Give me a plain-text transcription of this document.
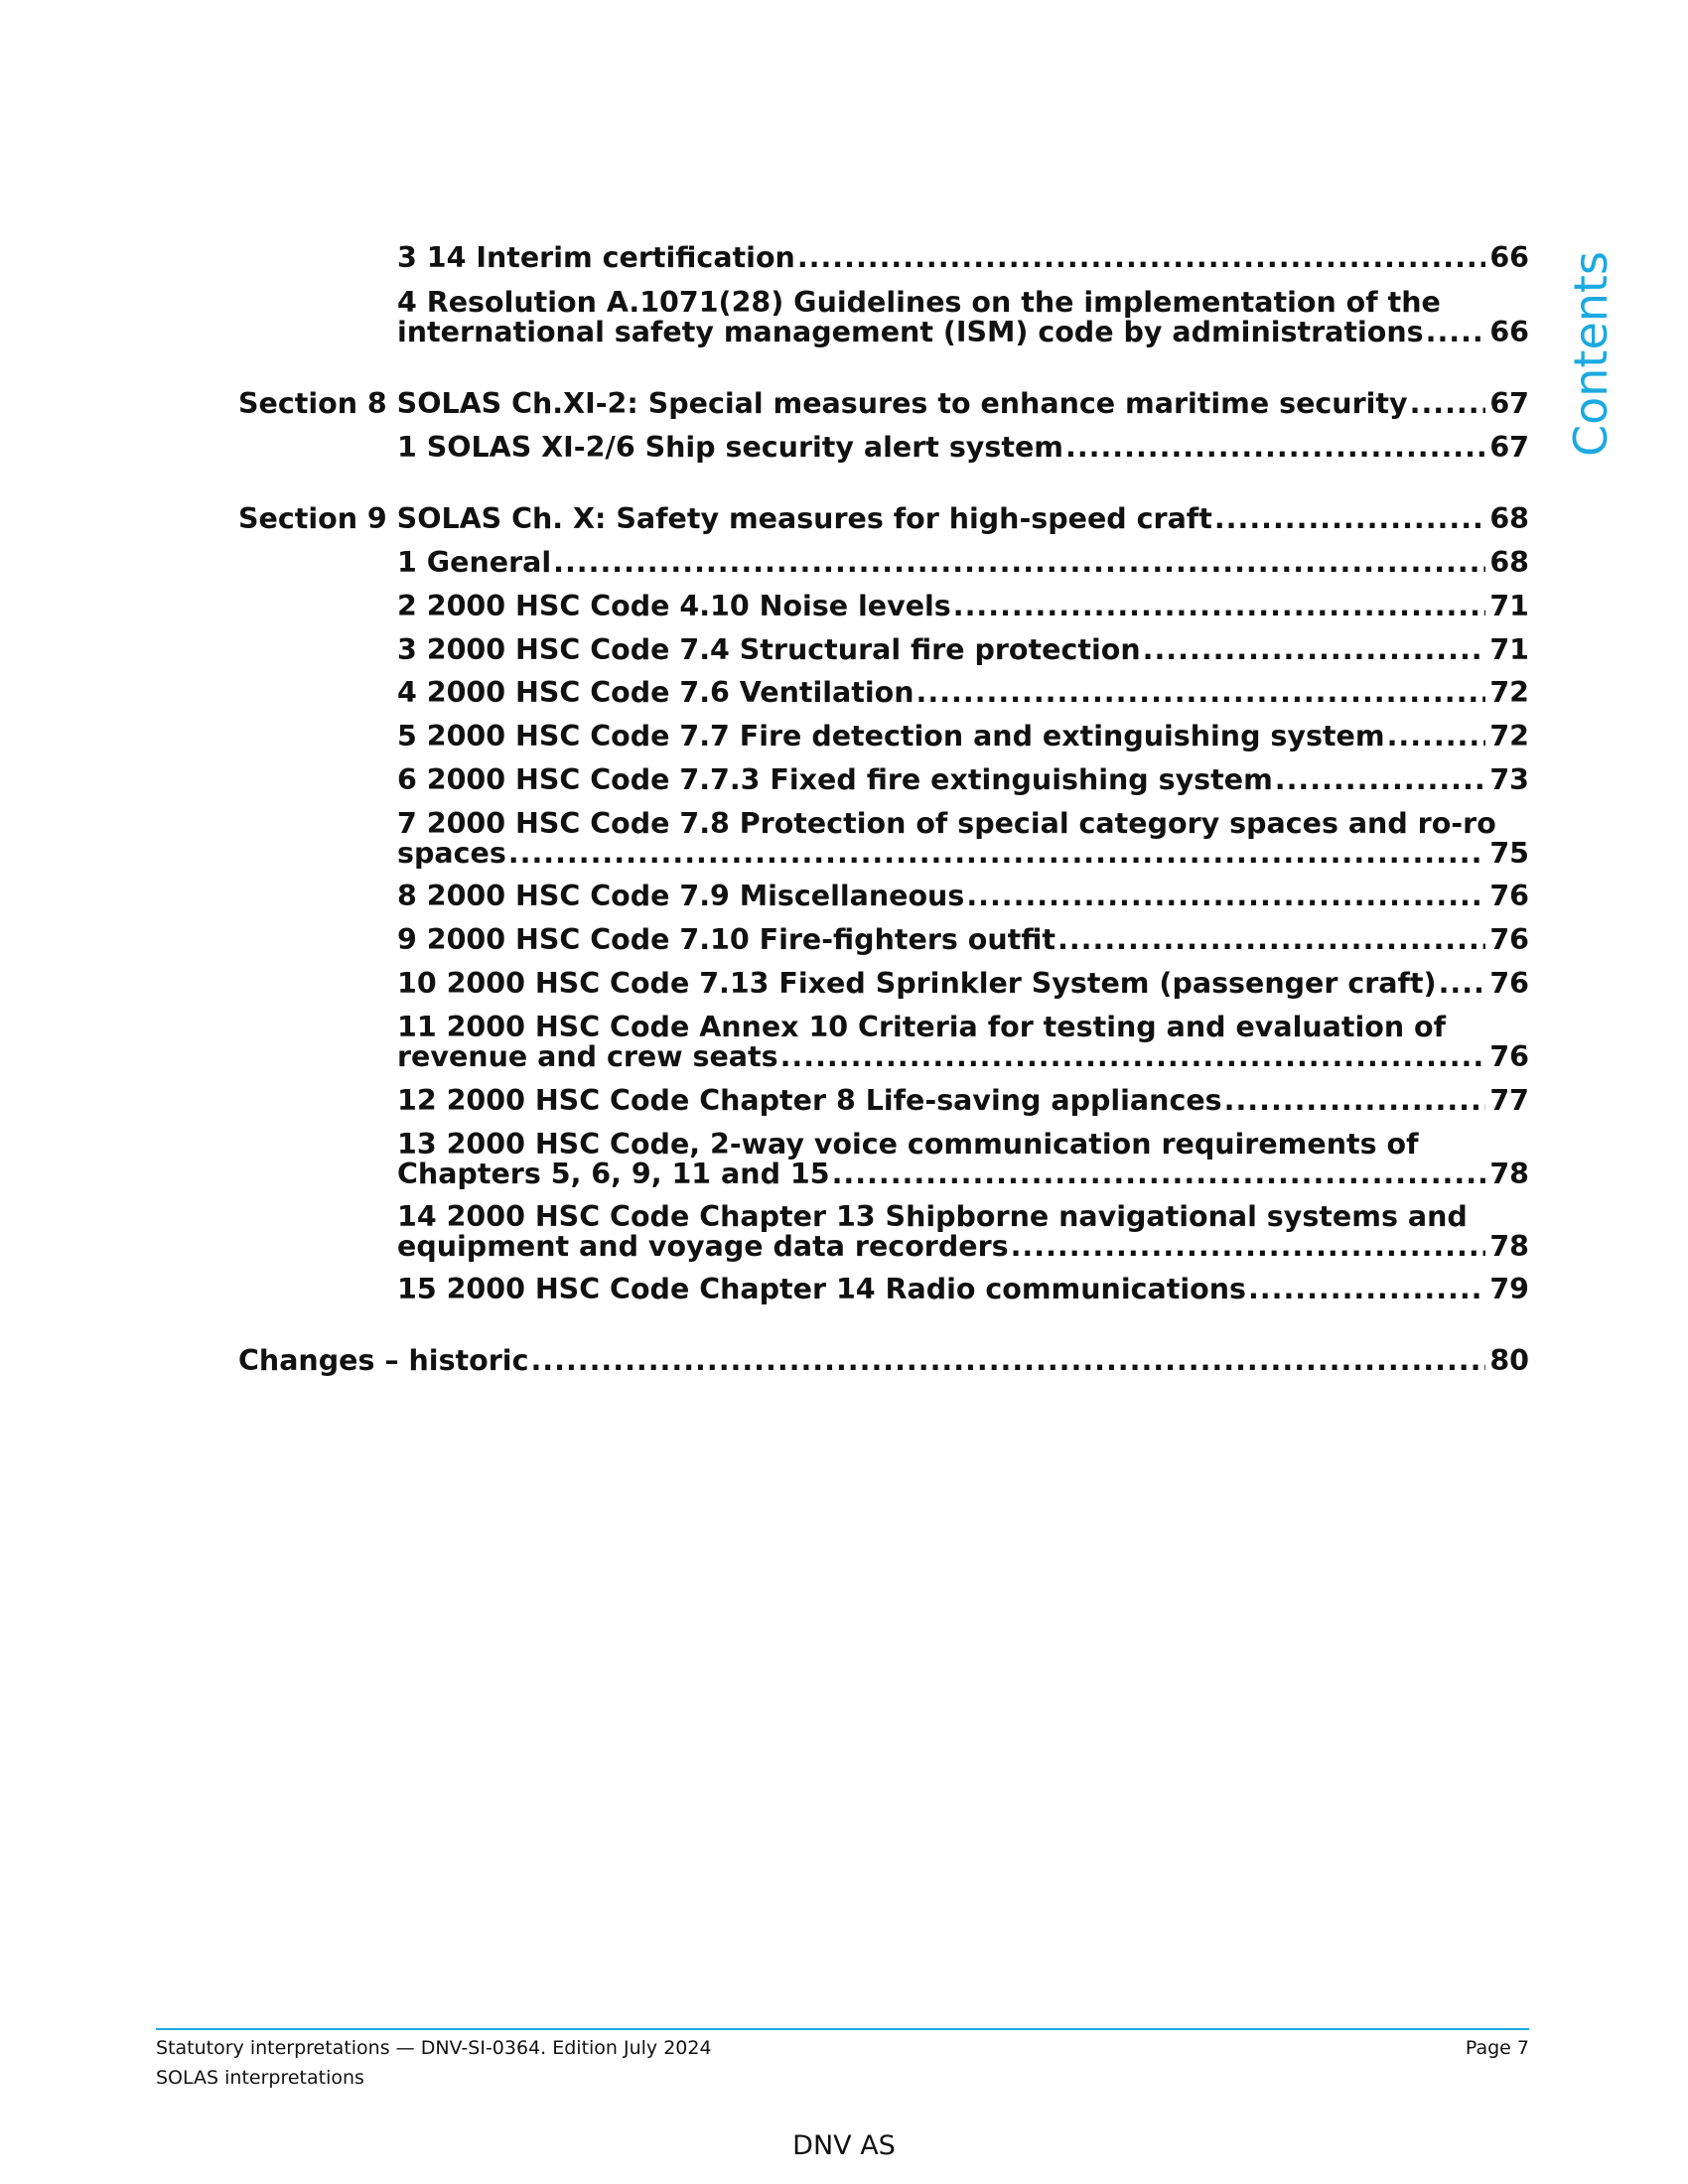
3 14 Interim certification .....	66
4 Resolution A.1071(28) Guidelines on the implementation of the
international safety management (ISM) code by administrations ..... 66
Section 8 SOLAS Ch.XI-2: Special measures to enhance maritime security .....	67
1 SOLAS XI-2/6 Ship security alert system .....	67
Section 9 SOLAS Ch. X: Safety measures for high-speed craft .....	68
1 General .....	68
2 2000 HSC Code 4.10 Noise levels .....	71
3 2000 HSC Code 7.4 Structural fire protection .....	71
4 2000 HSC Code 7.6 Ventilation .....	72
5 2000 HSC Code 7.7 Fire detection and extinguishing system .....	72
6 2000 HSC Code 7.7.3 Fixed fire extinguishing system .....	73
7 2000 HSC Code 7.8 Protection of special category spaces and ro-ro
spaces .....	75
8 2000 HSC Code 7.9 Miscellaneous .....	76
9 2000 HSC Code 7.10 Fire-fighters outfit .....	76
10 2000 HSC Code 7.13 Fixed Sprinkler System (passenger craft) ..... 76
11 2000 HSC Code Annex 10 Criteria for testing and evaluation of
revenue and crew seats .....	76
12 2000 HSC Code Chapter 8 Life-saving appliances .....	77
13 2000 HSC Code, 2-way voice communication requirements of
Chapters 5, 6, 9, 11 and 15 .....	78
14 2000 HSC Code Chapter 13 Shipborne navigational systems and
equipment and voyage data recorders .....	78
15 2000 HSC Code Chapter 14 Radio communications .....	79
Changes – historic .....	80
Contents
Statutory interpretations — DNV-SI-0364. Edition July 2024
SOLAS interpretations
Page 7
DNV AS
